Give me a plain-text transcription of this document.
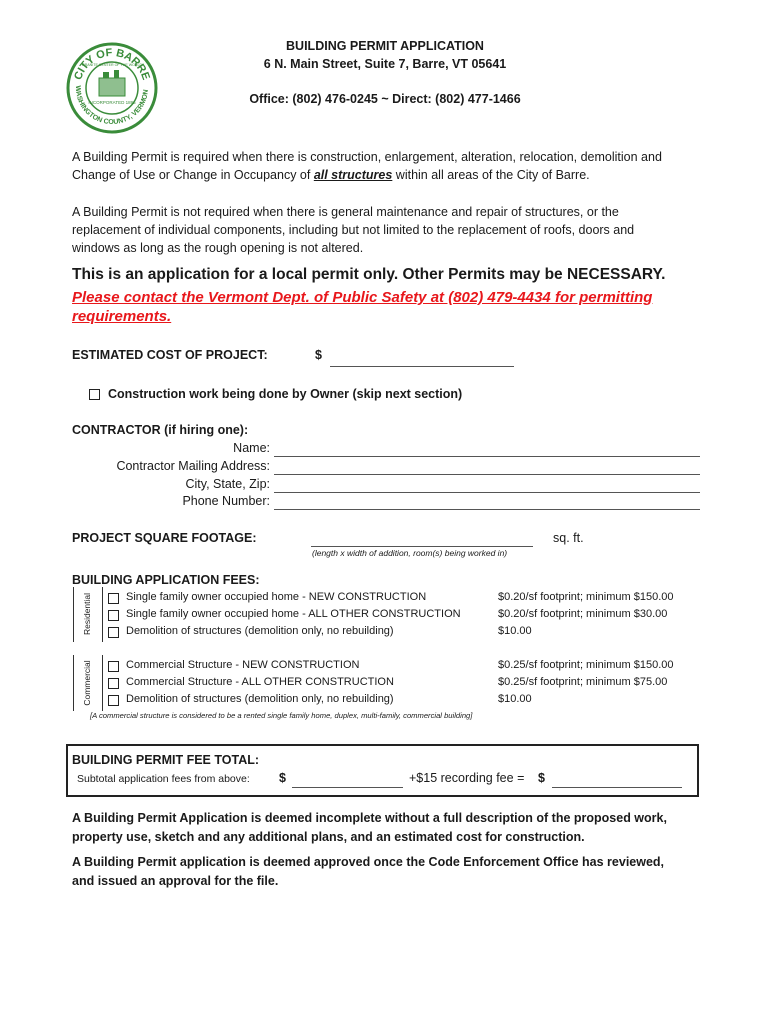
CITY OF BARRE
WASHINGTON COUNTY, VERMON
INCORPORATED 1895
GRANITE CENTER OF THE WORLD
BUILDING PERMIT APPLICATION
6 N. Main Street, Suite 7, Barre, VT 05641
Office: (802) 476-0245 ~ Direct: (802) 477-1466
A Building Permit is required when there is construction, enlargement, alteration, relocation, demolition and Change of Use or Change in Occupancy of all structures within all areas of the City of Barre.
A Building Permit is not required when there is general maintenance and repair of structures, or the replacement of individual components, including but not limited to the replacement of roofs, doors and windows as long as the rough opening is not altered.
This is an application for a local permit only. Other Permits may be NECESSARY.
Please contact the Vermont Dept. of Public Safety at (802) 479-4434 for permitting
requirements.
ESTIMATED COST OF PROJECT:	$
Construction work being done by Owner (skip next section)
CONTRACTOR (if hiring one):
Name:
Contractor Mailing Address:
City, State, Zip:
Phone Number:
PROJECT SQUARE FOOTAGE:	sq. ft.
(length x width of addition, room(s) being worked in)
BUILDING APPLICATION FEES:
Residential	Single family owner occupied home - NEW CONSTRUCTION	$0.20/sf footprint; minimum $150.00
Single family owner occupied home - ALL OTHER CONSTRUCTION	$0.20/sf footprint; minimum $30.00
Demolition of structures (demolition only, no rebuilding)	$10.00
Commercial	Commercial Structure - NEW CONSTRUCTION	$0.25/sf footprint; minimum $150.00
Commercial Structure - ALL OTHER CONSTRUCTION	$0.25/sf footprint; minimum $75.00
Demolition of structures (demolition only, no rebuilding)	$10.00
[A commercial structure is considered to be a rented single family home, duplex, multi-family, commercial building]
BUILDING PERMIT FEE TOTAL:
Subtotal application fees from above: $	+$15 recording fee = $
A Building Permit Application is deemed incomplete without a full description of the proposed work, property use, sketch and any additional plans, and an estimated cost for construction.
A Building Permit application is deemed approved once the Code Enforcement Office has reviewed, and issued an approval for the file.
